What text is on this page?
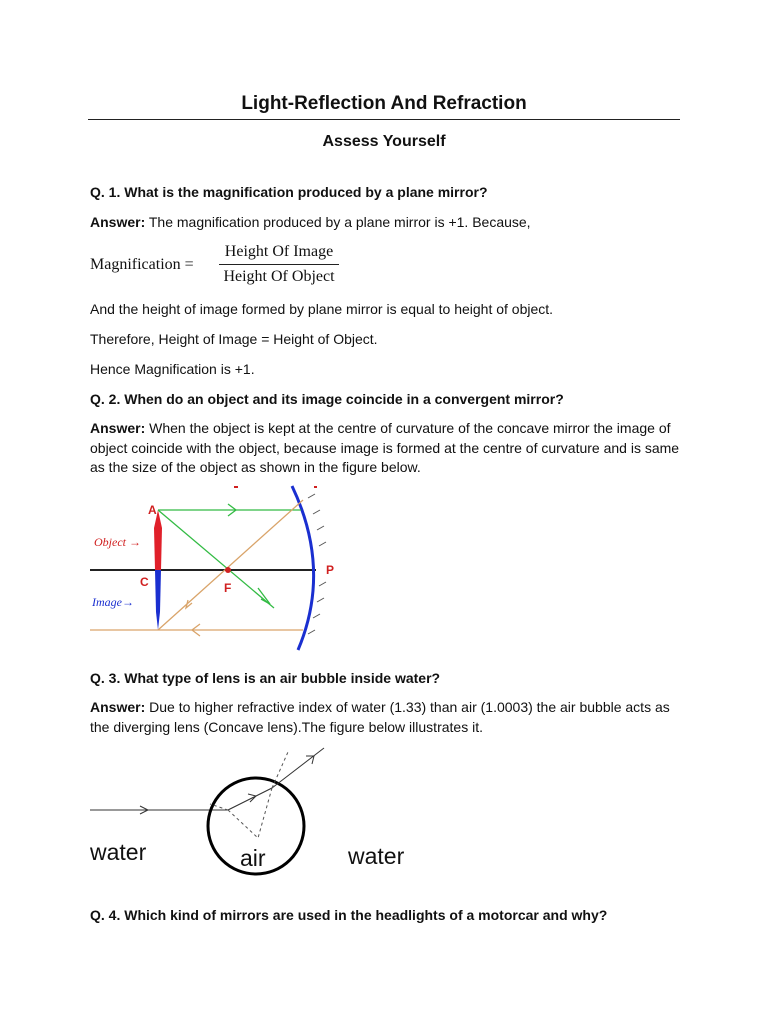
Light-Reflection And Refraction
Assess Yourself
Q. 1. What is the magnification produced by a plane mirror?
Answer: The magnification produced by a plane mirror is +1. Because,
Magnification =
Height Of Image
Height Of Object
And the height of image formed by plane mirror is equal to height of object.
Therefore, Height of Image = Height of Object.
Hence Magnification is +1.
Q. 2. When do an object and its image coincide in a convergent mirror?
Answer: When the object is kept at the centre of curvature of the concave mirror the image of object coincide with the object, because image is formed at the centre of curvature and is same as the size of the object as shown in the figure below.
A
C	F
P
Object →
Image→
Q. 3. What type of lens is an air bubble inside water?
Answer: Due to higher refractive index of water (1.33) than air (1.0003) the air bubble acts as the diverging lens (Concave lens).The figure below illustrates it.
water	air	water
Q. 4. Which kind of mirrors are used in the headlights of a motorcar and why?
